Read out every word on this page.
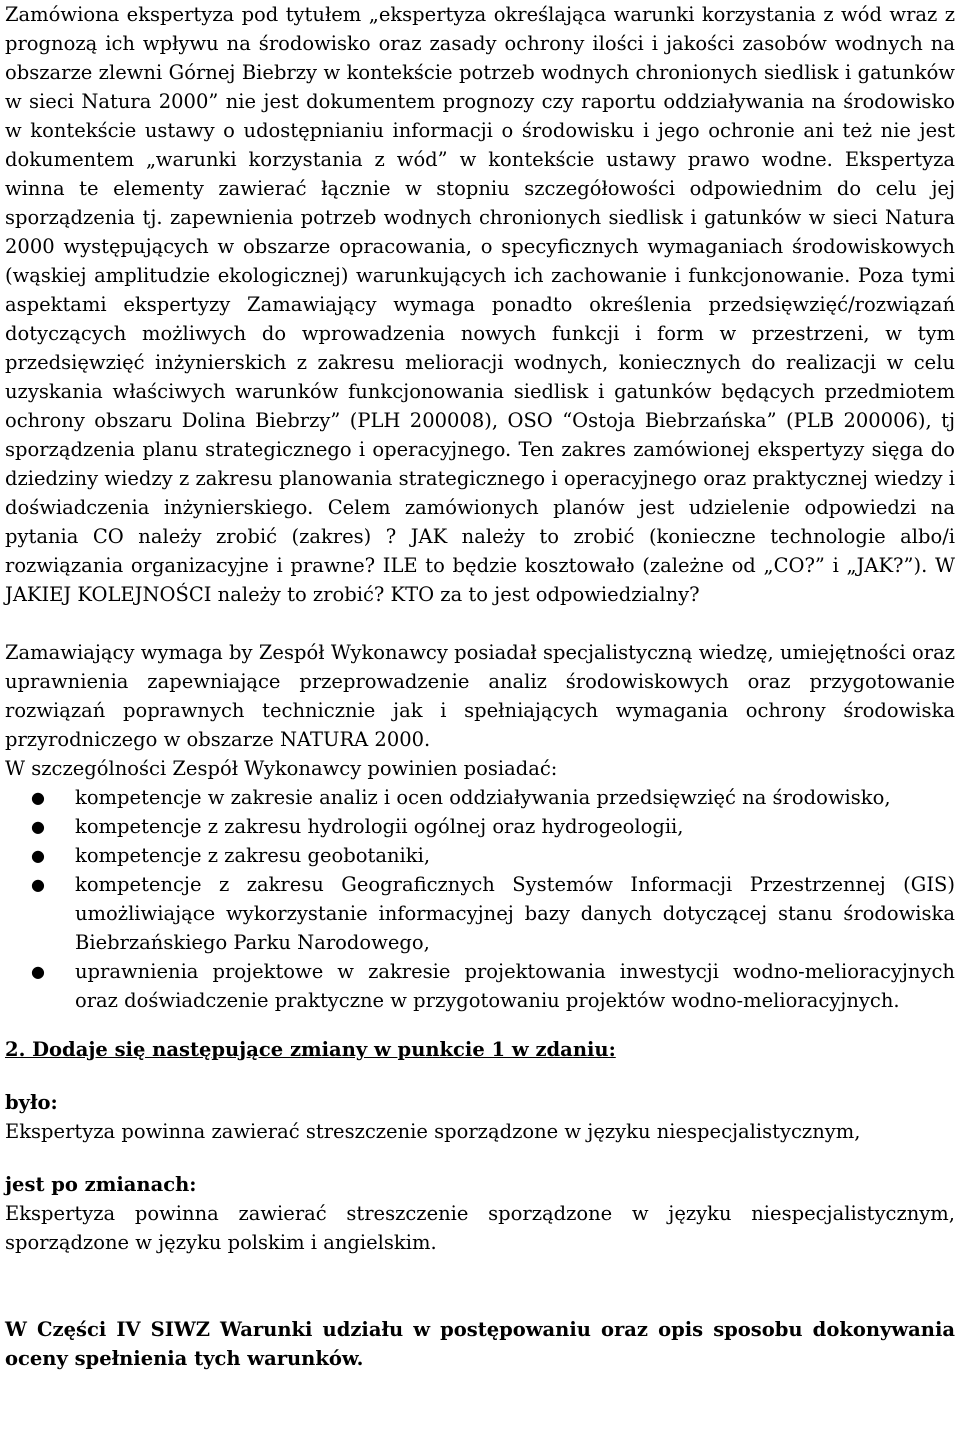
Zamówiona ekspertyza pod tytułem „ekspertyza określająca warunki korzystania z wód wraz z prognozą ich wpływu na środowisko oraz zasady ochrony ilości i jakości zasobów wodnych na obszarze zlewni Górnej Biebrzy w kontekście potrzeb wodnych chronionych siedlisk i gatunków w sieci Natura 2000” nie jest dokumentem prognozy czy raportu oddziaływania na środowisko w kontekście ustawy o udostępnianiu informacji o środowisku i jego ochronie ani też nie jest dokumentem „warunki korzystania z wód” w kontekście ustawy prawo wodne. Ekspertyza winna te elementy zawierać łącznie w stopniu szczegółowości odpowiednim do celu jej sporządzenia tj. zapewnienia potrzeb wodnych chronionych siedlisk i gatunków w sieci Natura 2000 występujących w obszarze opracowania, o specyficznych wymaganiach środowiskowych (wąskiej amplitudzie ekologicznej) warunkujących ich zachowanie i funkcjonowanie. Poza tymi aspektami ekspertyzy Zamawiający wymaga ponadto określenia przedsięwzięć/rozwiązań dotyczących możliwych do wprowadzenia nowych funkcji i form w przestrzeni, w tym przedsięwzięć inżynierskich z zakresu melioracji wodnych, koniecznych do realizacji w celu uzyskania właściwych warunków funkcjonowania siedlisk i gatunków będących przedmiotem ochrony obszaru Dolina Biebrzy” (PLH 200008), OSO “Ostoja Biebrzańska” (PLB 200006), tj sporządzenia planu strategicznego i operacyjnego. Ten zakres zamówionej ekspertyzy sięga do dziedziny wiedzy z zakresu planowania strategicznego i operacyjnego oraz praktycznej wiedzy i doświadczenia inżynierskiego. Celem zamówionych planów jest udzielenie odpowiedzi na pytania CO należy zrobić (zakres) ? JAK należy to zrobić (konieczne technologie albo/i rozwiązania organizacyjne i prawne? ILE to będzie kosztowało (zależne od „CO?” i „JAK?”). W JAKIEJ KOLEJNOŚCI należy to zrobić? KTO za to jest odpowiedzialny?

Zamawiający wymaga by Zespół Wykonawcy posiadał specjalistyczną wiedzę, umiejętności oraz uprawnienia zapewniające przeprowadzenie analiz środowiskowych oraz przygotowanie rozwiązań poprawnych technicznie jak i spełniających wymagania ochrony środowiska przyrodniczego w obszarze NATURA 2000.

W szczególności Zespół Wykonawcy powinien posiadać:

● kompetencje w zakresie analiz i ocen oddziaływania przedsięwzięć na środowisko,
● kompetencje z zakresu hydrologii ogólnej oraz hydrogeologii,
● kompetencje z zakresu geobotaniki,
● kompetencje z zakresu Geograficznych Systemów Informacji Przestrzennej (GIS) umożliwiające wykorzystanie informacyjnej bazy danych dotyczącej stanu środowiska Biebrzańskiego Parku Narodowego,
● uprawnienia projektowe w zakresie projektowania inwestycji wodno-melioracyjnych oraz doświadczenie praktyczne w przygotowaniu projektów wodno-melioracyjnych.

2. Dodaje się następujące zmiany w punkcie 1 w zdaniu:

było:

Ekspertyza powinna zawierać streszczenie sporządzone w języku niespecjalistycznym,

jest po zmianach:

Ekspertyza powinna zawierać streszczenie sporządzone w języku niespecjalistycznym, sporządzone w języku polskim i angielskim.

W Części IV SIWZ Warunki udziału w postępowaniu oraz opis sposobu dokonywania oceny spełnienia tych warunków.
